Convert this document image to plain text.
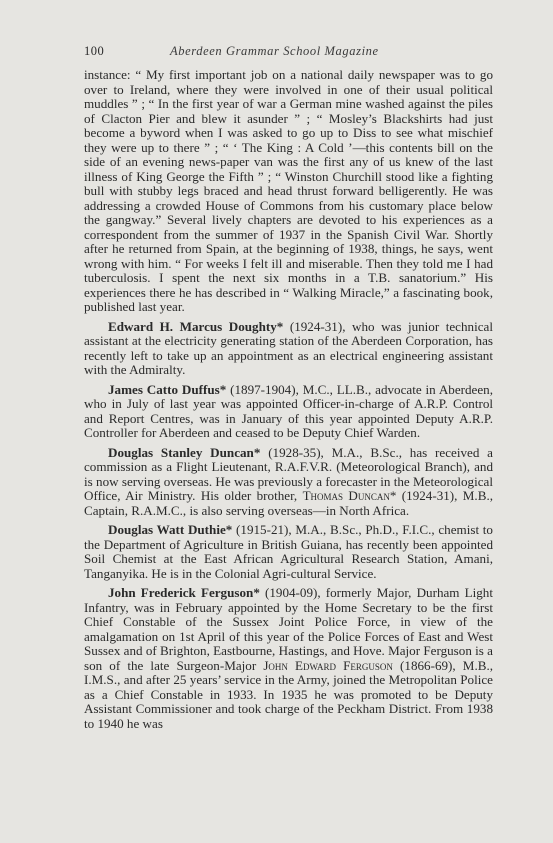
100	Aberdeen Grammar School Magazine

instance: “ My first important job on a national daily newspaper was to go over to Ireland, where they were involved in one of their usual political muddles ” ; “ In the first year of war a German mine washed against the piles of Clacton Pier and blew it asunder ” ; “ Mosley’s Blackshirts had just become a byword when I was asked to go up to Diss to see what mischief they were up to there ” ; “ ‘ The King : A Cold ’—this contents bill on the side of an evening news-paper van was the first any of us knew of the last illness of King George the Fifth ” ; “ Winston Churchill stood like a fighting bull with stubby legs braced and head thrust forward belligerently. He was addressing a crowded House of Commons from his customary place below the gangway.” Several lively chapters are devoted to his experiences as a correspondent from the summer of 1937 in the Spanish Civil War. Shortly after he returned from Spain, at the beginning of 1938, things, he says, went wrong with him. “ For weeks I felt ill and miserable. Then they told me I had tuberculosis. I spent the next six months in a T.B. sanatorium.” His experiences there he has described in “ Walking Miracle,” a fascinating book, published last year.

Edward H. Marcus Doughty* (1924-31), who was junior technical assistant at the electricity generating station of the Aberdeen Corporation, has recently left to take up an appointment as an electrical engineering assistant with the Admiralty.

James Catto Duffus* (1897-1904), M.C., LL.B., advocate in Aberdeen, who in July of last year was appointed Officer-in-charge of A.R.P. Control and Report Centres, was in January of this year appointed Deputy A.R.P. Controller for Aberdeen and ceased to be Deputy Chief Warden.

Douglas Stanley Duncan* (1928-35), M.A., B.Sc., has received a commission as a Flight Lieutenant, R.A.F.V.R. (Meteorological Branch), and is now serving overseas. He was previously a forecaster in the Meteorological Office, Air Ministry. His older brother, Thomas Duncan* (1924-31), M.B., Captain, R.A.M.C., is also serving overseas—in North Africa.

Douglas Watt Duthie* (1915-21), M.A., B.Sc., Ph.D., F.I.C., chemist to the Department of Agriculture in British Guiana, has recently been appointed Soil Chemist at the East African Agricultural Research Station, Amani, Tanganyika. He is in the Colonial Agri-cultural Service.

John Frederick Ferguson* (1904-09), formerly Major, Durham Light Infantry, was in February appointed by the Home Secretary to be the first Chief Constable of the Sussex Joint Police Force, in view of the amalgamation on 1st April of this year of the Police Forces of East and West Sussex and of Brighton, Eastbourne, Hastings, and Hove. Major Ferguson is a son of the late Surgeon-Major John Edward Ferguson (1866-69), M.B., I.M.S., and after 25 years’ service in the Army, joined the Metropolitan Police as a Chief Constable in 1933. In 1935 he was promoted to be Deputy Assistant Commissioner and took charge of the Peckham District. From 1938 to 1940 he was
